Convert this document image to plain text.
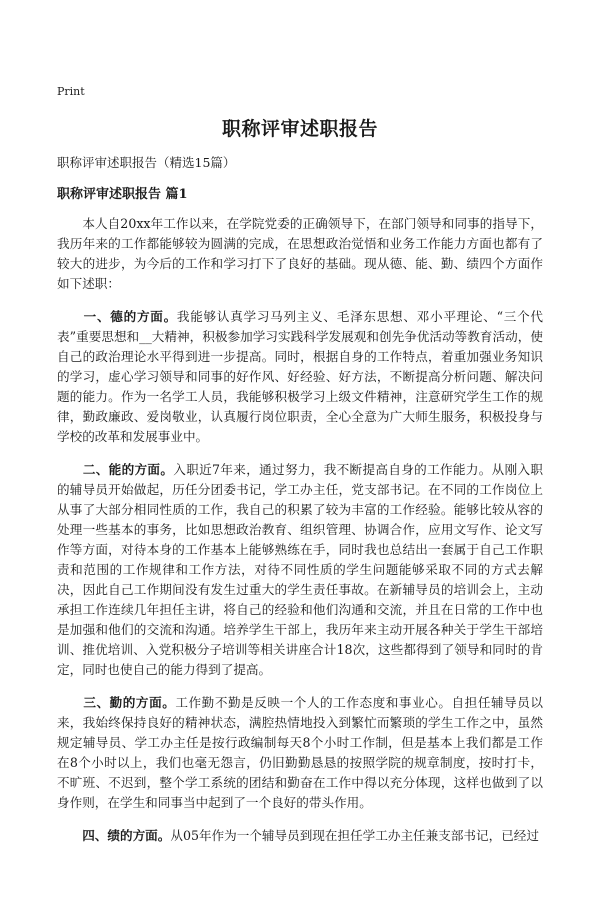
Print
职称评审述职报告
职称评审述职报告（精选15篇）
职称评审述职报告 篇1

　　本人自20xx年工作以来，在学院党委的正确领导下，在部门领导和同事的指导下，我历年来的工作都能够较为圆满的完成，在思想政治觉悟和业务工作能力方面也都有了较大的进步，为今后的工作和学习打下了良好的基础。现从德、能、勤、绩四个方面作如下述职：

　　一、德的方面。我能够认真学习马列主义、毛泽东思想、邓小平理论、“三个代表”重要思想和__大精神，积极参加学习实践科学发展观和创先争优活动等教育活动，使自己的政治理论水平得到进一步提高。同时，根据自身的工作特点，着重加强业务知识的学习，虚心学习领导和同事的好作风、好经验、好方法，不断提高分析问题、解决问题的能力。作为一名学工人员，我能够积极学习上级文件精神，注意研究学生工作的规律，勤政廉政、爱岗敬业，认真履行岗位职责，全心全意为广大师生服务，积极投身与学校的改革和发展事业中。

　　二、能的方面。入职近7年来，通过努力，我不断提高自身的工作能力。从刚入职的辅导员开始做起，历任分团委书记，学工办主任，党支部书记。在不同的工作岗位上从事了大部分相同性质的工作，我自己的积累了较为丰富的工作经验。能够比较从容的处理一些基本的事务，比如思想政治教育、组织管理、协调合作，应用文写作、论文写作等方面，对待本身的工作基本上能够熟练在手，同时我也总结出一套属于自己工作职责和范围的工作规律和工作方法，对待不同性质的学生问题能够采取不同的方式去解决，因此自己工作期间没有发生过重大的学生责任事故。在新辅导员的培训会上，主动承担工作连续几年担任主讲，将自己的经验和他们沟通和交流，并且在日常的工作中也是加强和他们的交流和沟通。培养学生干部上，我历年来主动开展各种关于学生干部培训、推优培训、入党积极分子培训等相关讲座合计18次，这些都得到了领导和同时的肯定，同时也使自己的能力得到了提高。

　　三、勤的方面。工作勤不勤是反映一个人的工作态度和事业心。自担任辅导员以来，我始终保持良好的精神状态，满腔热情地投入到繁忙而繁琐的学生工作之中，虽然规定辅导员、学工办主任是按行政编制每天8个小时工作制，但是基本上我们都是工作在8个小时以上，我们也毫无怨言，仍旧勤勤恳恳的按照学院的规章制度，按时打卡，不旷班、不迟到，整个学工系统的团结和勤奋在工作中得以充分体现，这样也做到了以身作则，在学生和同事当中起到了一个良好的带头作用。

　　四、绩的方面。从05年作为一个辅导员到现在担任学工办主任兼支部书记，已经过
